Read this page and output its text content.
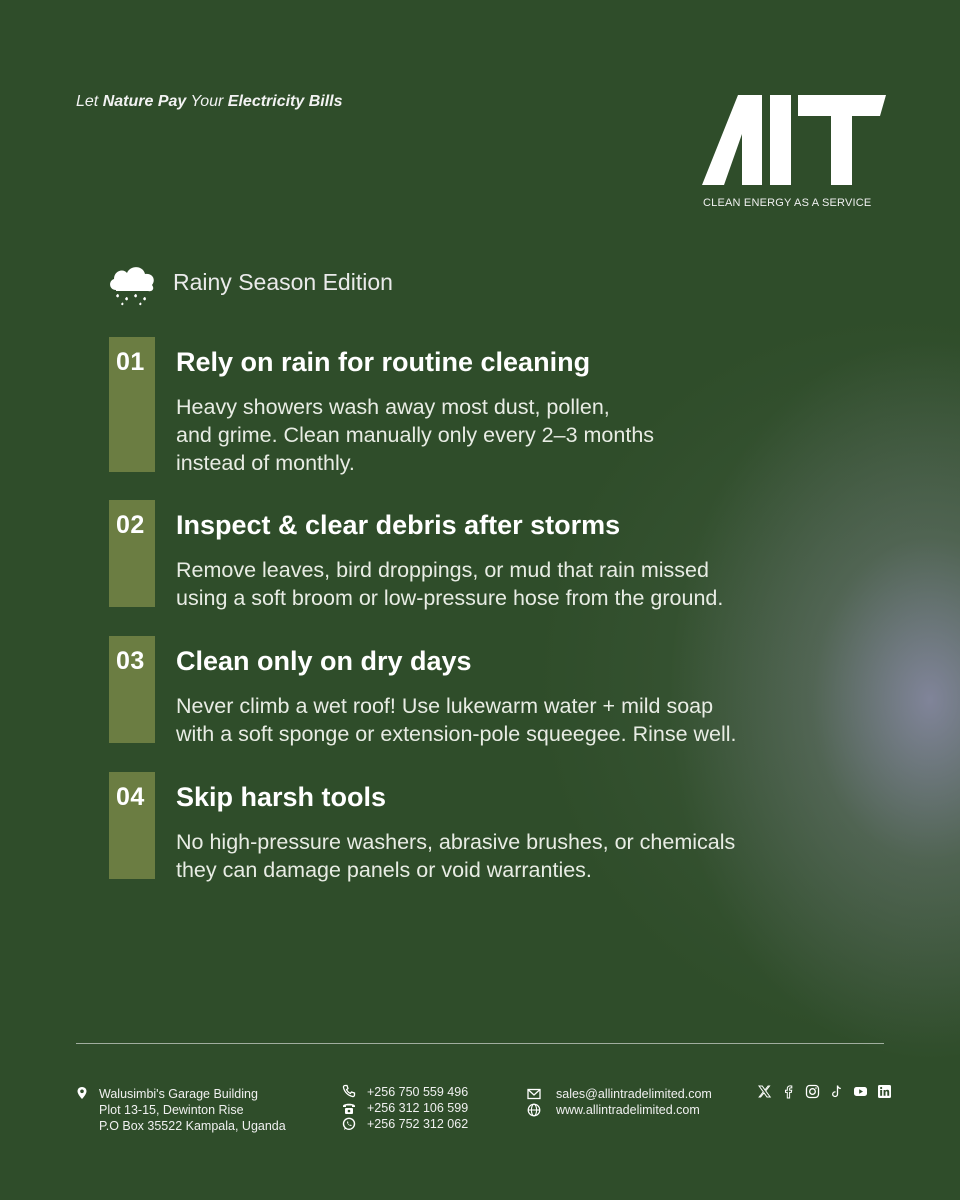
Let Nature Pay Your Electricity Bills
CLEAN ENERGY AS A SERVICE
Rainy Season Edition
01 Rely on rain for routine cleaning
Heavy showers wash away most dust, pollen,
and grime. Clean manually only every 2–3 months
instead of monthly.
02 Inspect & clear debris after storms
Remove leaves, bird droppings, or mud that rain missed
using a soft broom or low-pressure hose from the ground.
03 Clean only on dry days
Never climb a wet roof! Use lukewarm water + mild soap
with a soft sponge or extension-pole squeegee. Rinse well.
04 Skip harsh tools
No high-pressure washers, abrasive brushes, or chemicals
they can damage panels or void warranties.
Walusimbi's Garage Building
Plot 13-15, Dewinton Rise
P.O Box 35522 Kampala, Uganda
+256 750 559 496
+256 312 106 599
+256 752 312 062
sales@allintradelimited.com
www.allintradelimited.com
